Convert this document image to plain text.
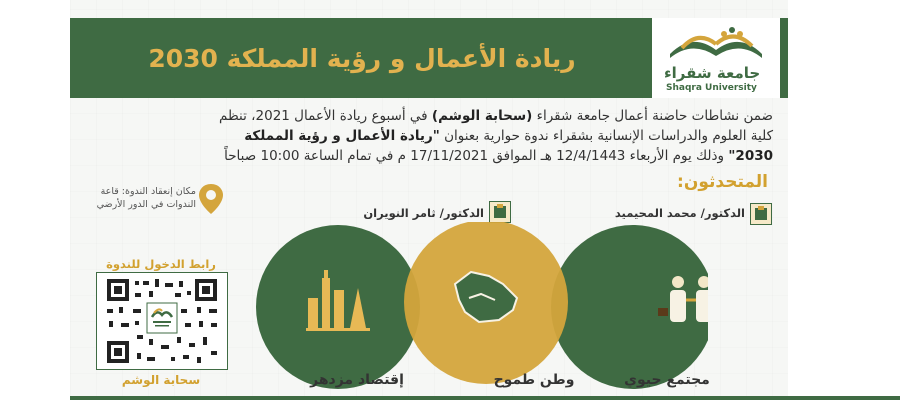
ريادة الأعمال و رؤية المملكة 2030
جامعة شقراء
Shaqra University
ضمن نشاطات حاضنة أعمال جامعة شقراء (سحابة الوشم) في أسبوع ريادة الأعمال 2021، تنظم
كلية العلوم والدراسات الإنسانية بشقراء ندوة حوارية بعنوان "ريادة الأعمال و رؤية المملكة
2030" وذلك يوم الأربعاء 12/4/1443 هـ الموافق 17/11/2021 م في تمام الساعة 10:00 صباحاً
المتحدثون:
الدكتور/ محمد المحيميد
الدكتور/ ثامر النويران
مكان إنعقاد الندوة: قاعة الندوات في الدور الأرضي
مجتمع حيوي
وطن طموح
إقتصاد مزدهر
رابط الدخول للندوة
سحابة الوشم
